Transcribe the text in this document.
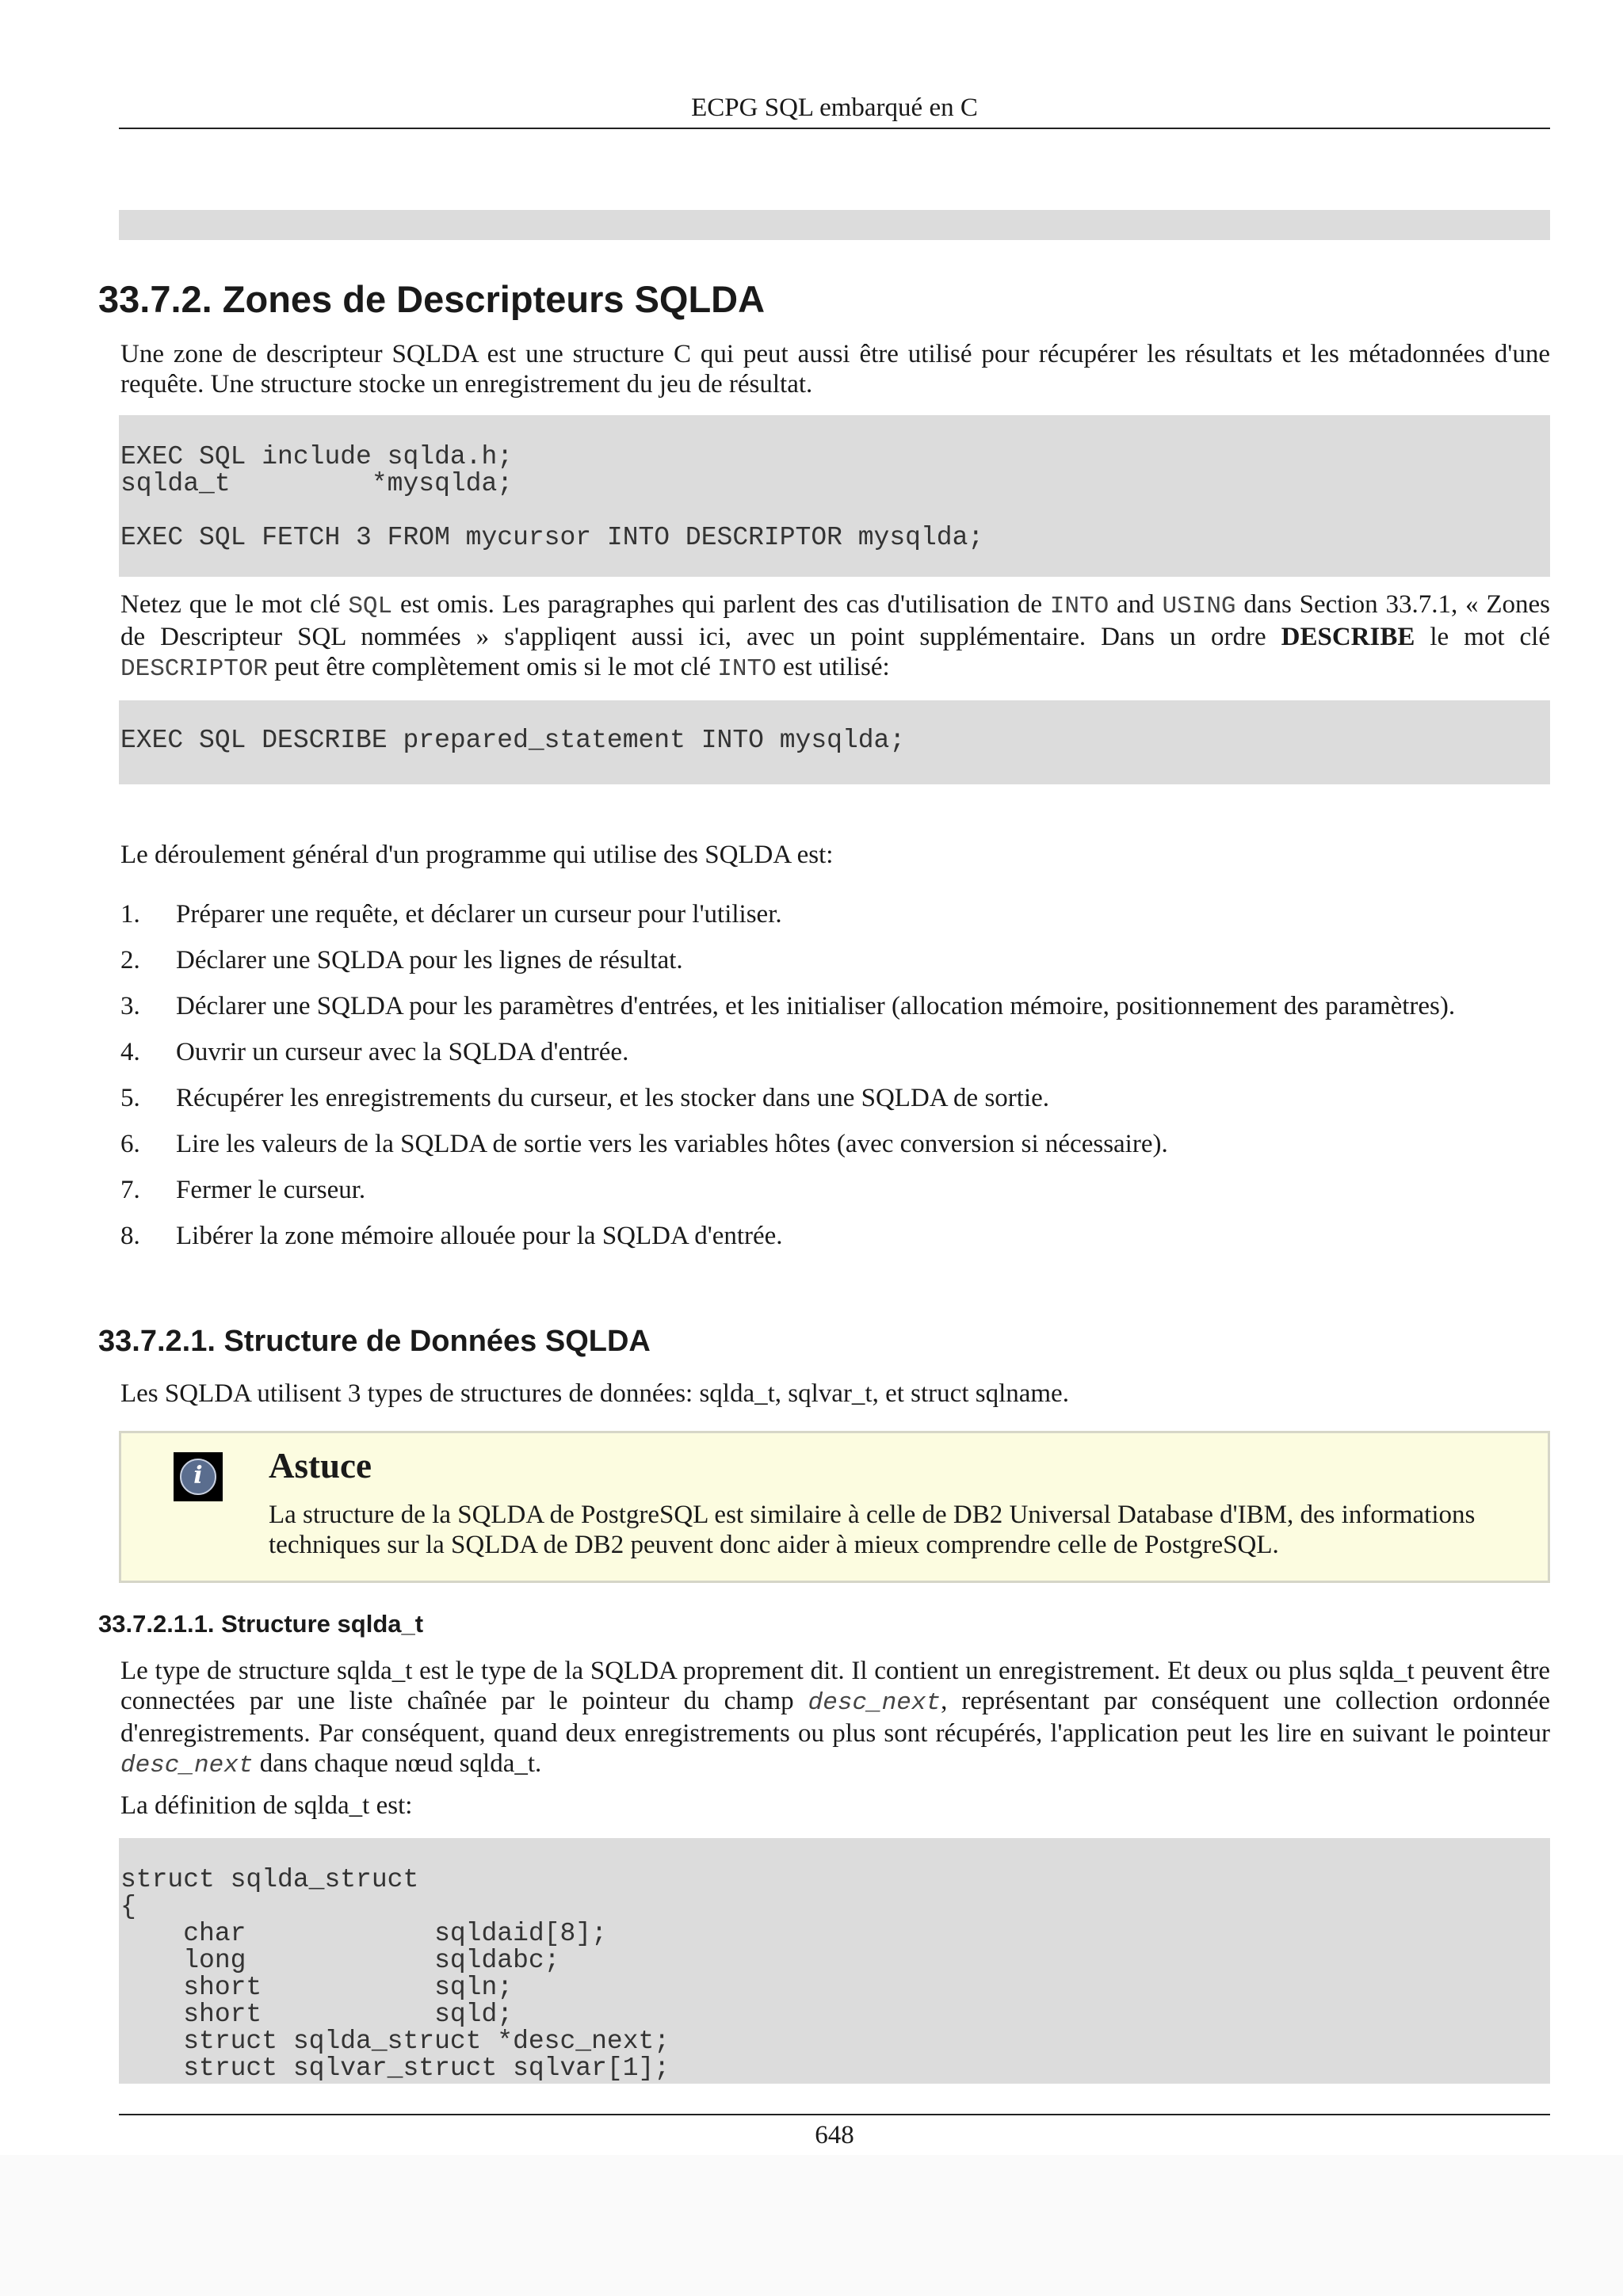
ECPG SQL embarqué en C
33.7.2. Zones de Descripteurs SQLDA

Une zone de descripteur SQLDA est une structure C qui peut aussi être utilisé pour récupérer les résultats et les métadonnées d'une requête. Une structure stocke un enregistrement du jeu de résultat.

EXEC SQL include sqlda.h;
sqlda_t         *mysqlda;

EXEC SQL FETCH 3 FROM mycursor INTO DESCRIPTOR mysqlda;

Netez que le mot clé SQL est omis. Les paragraphes qui parlent des cas d'utilisation de INTO and USING dans Section 33.7.1, « Zones de Descripteur SQL nommées » s'appliqent aussi ici, avec un point supplémentaire. Dans un ordre DESCRIBE le mot clé DESCRIPTOR peut être complètement omis si le mot clé INTO est utilisé:

EXEC SQL DESCRIBE prepared_statement INTO mysqlda;

Le déroulement général d'un programme qui utilise des SQLDA est:

1. Préparer une requête, et déclarer un curseur pour l'utiliser.
2. Déclarer une SQLDA pour les lignes de résultat.
3. Déclarer une SQLDA pour les paramètres d'entrées, et les initialiser (allocation mémoire, positionnement des paramètres).
4. Ouvrir un curseur avec la SQLDA d'entrée.
5. Récupérer les enregistrements du curseur, et les stocker dans une SQLDA de sortie.
6. Lire les valeurs de la SQLDA de sortie vers les variables hôtes (avec conversion si nécessaire).
7. Fermer le curseur.
8. Libérer la zone mémoire allouée pour la SQLDA d'entrée.
33.7.2.1. Structure de Données SQLDA

Les SQLDA utilisent 3 types de structures de données: sqlda_t, sqlvar_t, et struct sqlname.

i	Astuce
La structure de la SQLDA de PostgreSQL est similaire à celle de DB2 Universal Database d'IBM, des informations techniques sur la SQLDA de DB2 peuvent donc aider à mieux comprendre celle de PostgreSQL.
33.7.2.1.1. Structure sqlda_t

Le type de structure sqlda_t est le type de la SQLDA proprement dit. Il contient un enregistrement. Et deux ou plus sqlda_t peuvent être connectées par une liste chaînée par le pointeur du champ desc_next, représentant par conséquent une collection ordonnée d'enregistrements. Par conséquent, quand deux enregistrements ou plus sont récupérés, l'application peut les lire en suivant le pointeur desc_next dans chaque nœud sqlda_t.

La définition de sqlda_t est:

struct sqlda_struct
{
char            sqldaid[8];
long            sqldabc;
short           sqln;
short           sqld;
struct sqlda_struct *desc_next;
struct sqlvar_struct sqlvar[1];
648
